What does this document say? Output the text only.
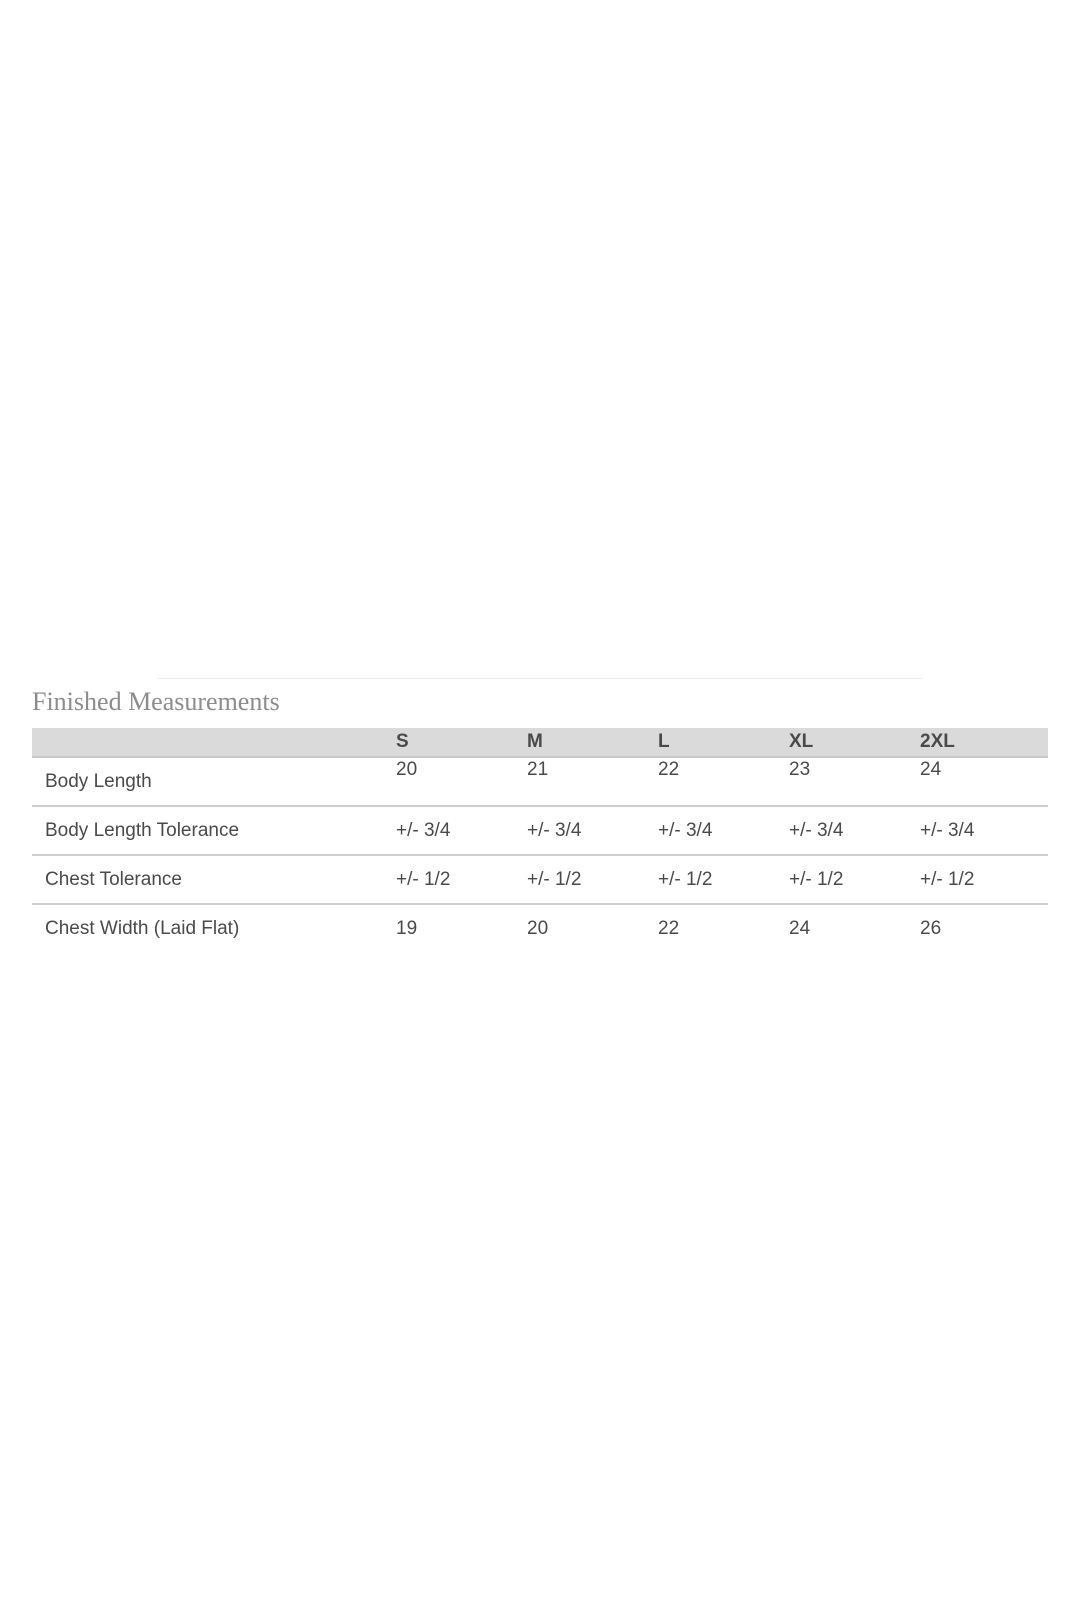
Finished Measurements
	S	M	L	XL	2XL
Body Length	20	21	22	23	24
Body Length Tolerance	+/- 3/4	+/- 3/4	+/- 3/4	+/- 3/4	+/- 3/4
Chest Tolerance	+/- 1/2	+/- 1/2	+/- 1/2	+/- 1/2	+/- 1/2
Chest Width (Laid Flat)	19	20	22	24	26
